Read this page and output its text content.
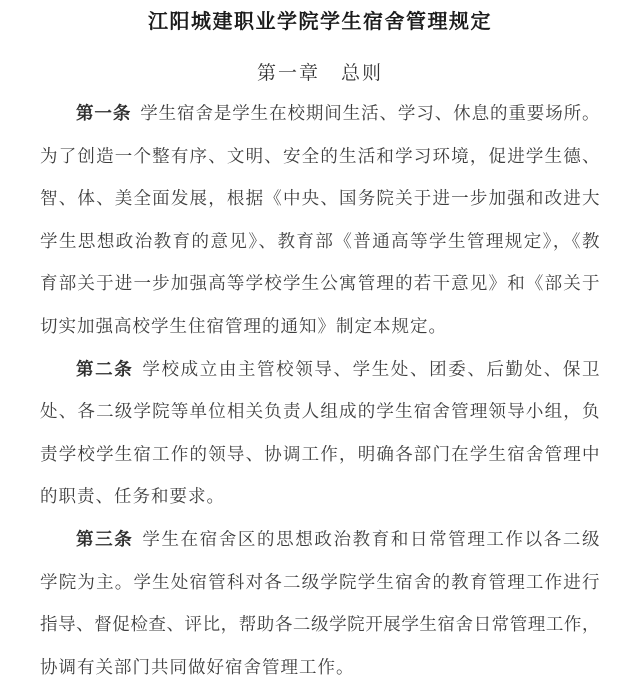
江阳城建职业学院学生宿舍管理规定
第一章　总则
第一条 学生宿舍是学生在校期间生活、学习、休息的重要场所。
为了创造一个整有序、文明、安全的生活和学习环境，促进学生德、
智、体、美全面发展，根据《中央、国务院关于进一步加强和改进大
学生思想政治教育的意见》、教育部《普通高等学生管理规定》，《教
育部关于进一步加强高等学校学生公寓管理的若干意见》和《部关于
切实加强高校学生住宿管理的通知》制定本规定。
第二条 学校成立由主管校领导、学生处、团委、后勤处、保卫
处、各二级学院等单位相关负责人组成的学生宿舍管理领导小组，负
责学校学生宿工作的领导、协调工作，明确各部门在学生宿舍管理中
的职责、任务和要求。
第三条 学生在宿舍区的思想政治教育和日常管理工作以各二级
学院为主。学生处宿管科对各二级学院学生宿舍的教育管理工作进行
指导、督促检查、评比，帮助各二级学院开展学生宿舍日常管理工作，
协调有关部门共同做好宿舍管理工作。
